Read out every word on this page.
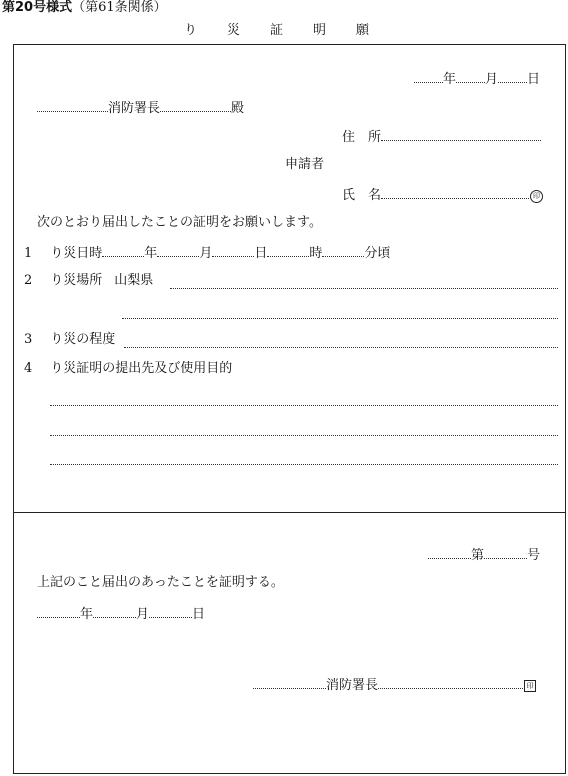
第20号様式（第61条関係）
り災証明願
年 月 日
消防署長	殿
住　所
申請者
氏　名	印
次のとおり届出したことの証明をお願いします。
1 り災日時	年	月	日	時	分頃
2 り災場所 山梨県
3 り災の程度
4 り災証明の提出先及び使用目的
第	号
上記のこと届出のあったことを証明する。
年	月	日
消防署長	印
